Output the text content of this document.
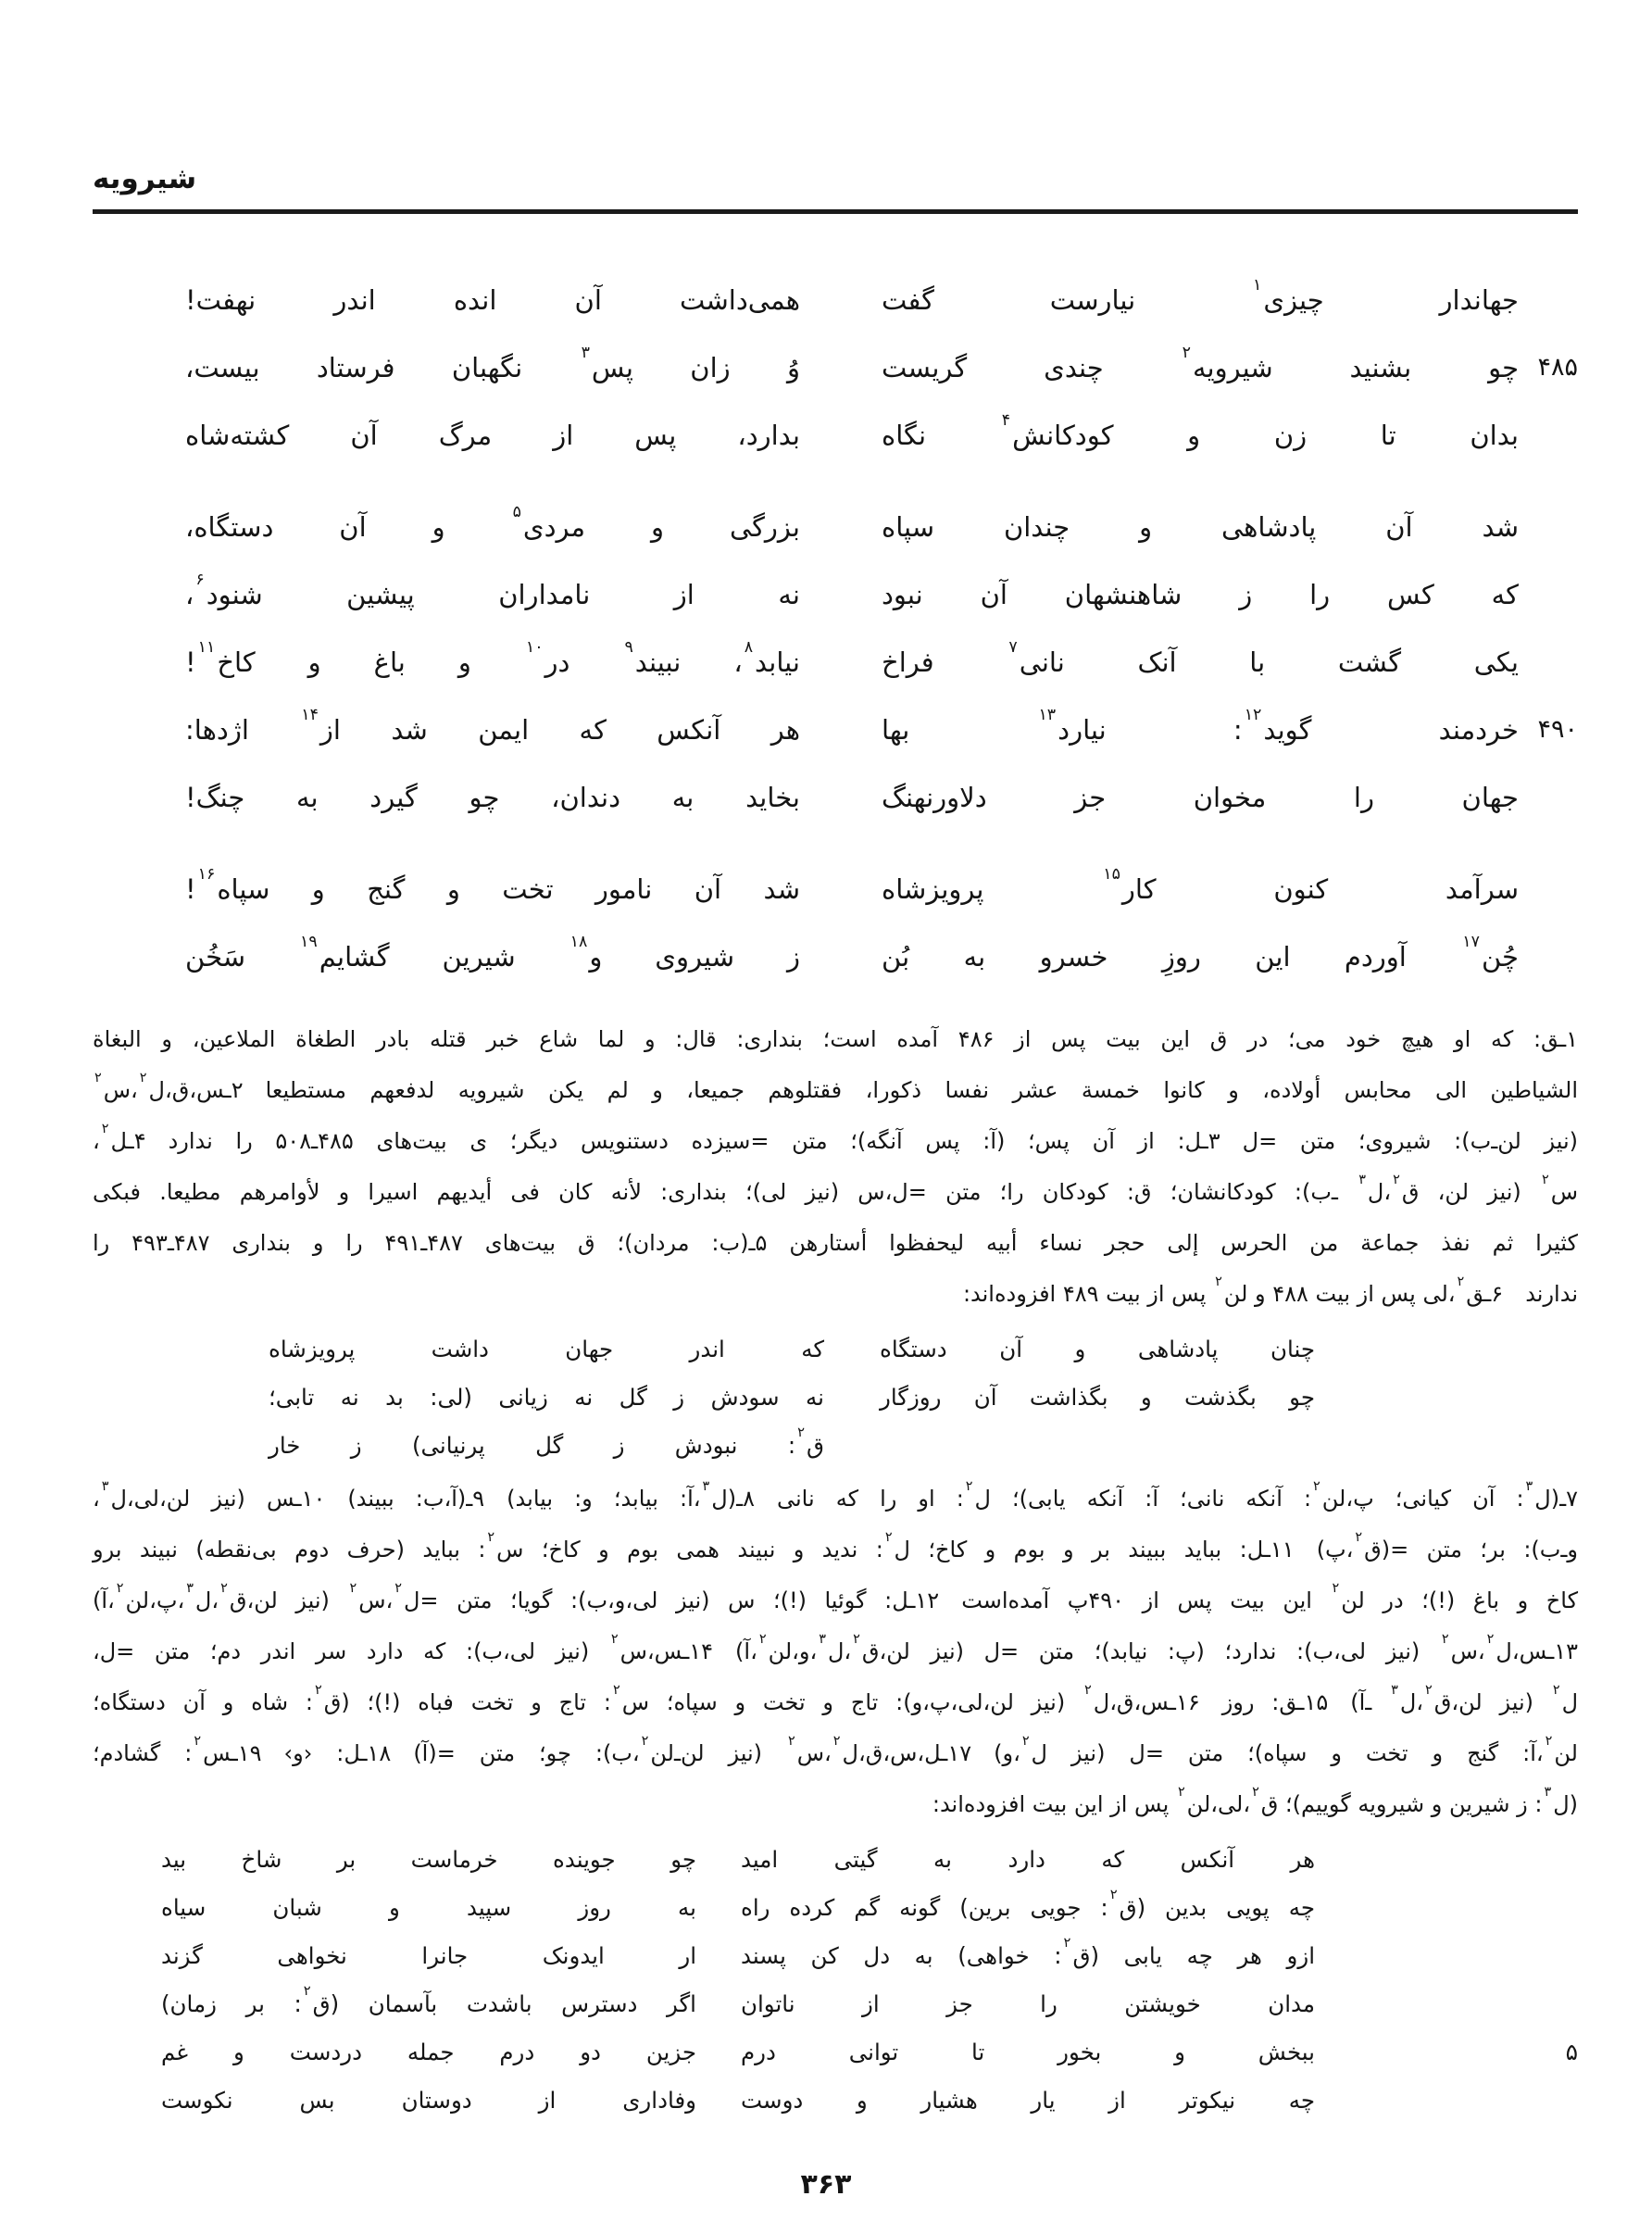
شیرویه
جهاندار چیزی$^۱$ نیارست گفت
همی‌داشت آن انده اندر نهفت!
۴۸۵
چو بشنید شیرویه$^۲$ چندی گریست
وُ زان پس$^۳$ نگهبان فرستاد بیست،
بدان تا زن و کودکانش$^۴$ نگاه
بدارد، پس از مرگ آن کشته‌شاه
شد آن پادشاهی و چندان سپاه
بزرگی و مردی$^۵$ و آن دستگاه،
که کس را ز شاهنشهان آن نبود
نه از نامداران پیشین شنود$^۶$،
یکی گشت با آنک نانی$^۷$ فراخ
نیابد$^۸$، نبیند$^۹$ در$^{۱۰}$ و باغ و کاخ$^{۱۱}$!
۴۹۰
خردمند گوید$^{۱۲}$: نیارد$^{۱۳}$ بها
هر آنکس که ایمن شد از$^{۱۴}$ اژدها:
جهان را مخوان جز دلاورنهنگ
بخاید به دندان، چو گیرد به چنگ!
سرآمد کنون کار$^{۱۵}$ پرویزشاه
شد آن نامور تخت و گنج و سپاه$^{۱۶}$!
چُن$^{۱۷}$ آوردم این روزِ خسرو به بُن
ز شیروی و$^{۱۸}$ شیرین گشایم$^{۱۹}$ سَخُن
۱ـق: که او هیچ خود می؛ در ق این بیت پس از ۴۸۶ آمده است؛ بنداری: قال: و لما شاع خبر قتله بادر الطغاة الملاعین، و البغاة
الشیاطین الی محابس أولاده، و کانوا خمسة عشر نفسا ذکورا، فقتلوهم جمیعا، و لم یکن شیرویه لدفعهم مستطیعا  ۲ـس،ق،ل$^۲$،س$^۲$
(نیز لن‌ـ‌ب): شیروی؛ متن =ل  ۳ـل: از آن پس؛ (آ: پس آنگه)؛ متن =سیزده دستنویس دیگر؛ ی بیت‌های ۴۸۵ـ۵۰۸ را ندارد  ۴ـل$^۲$،
س$^۲$ (نیز لن، ق$^۲$،ل$^۳$ ـ‌ب): کودکانشان؛ ق: کودکان را؛ متن =ل،س (نیز لی)؛ بنداری: لأنه کان فی أیدیهم اسیرا و لأوامرهم مطیعا. فبکی
کثیرا ثم نفذ جماعة من الحرس إلی حجر نساء أبیه لیحفظوا أستارهن  ۵ـ(ب: مردان)؛ ق بیت‌های ۴۸۷ـ۴۹۱ را و بنداری ۴۸۷ـ۴۹۳ را
ندارند  ۶ـق$^۲$،لی پس از بیت ۴۸۸ و لن$^۲$ پس از بیت ۴۸۹ افزوده‌اند:
چنان پادشاهی و آن دستگاه
که اندر جهان داشت پرویزشاه
چو بگذشت و بگذاشت آن روزگار
نه سودش ز گل نه زیانی (لی: بد نه تابی؛
ق$^۲$: نبودش ز گل پرنیانی) ز خار
۷ـ(ل$^۳$: آن کیانی؛ پ،لن$^۲$: آنکه نانی؛ آ: آنکه یابی)؛ ل$^۲$: او را که نانی  ۸ـ(ل$^۳$،آ: بیابد؛ و: بیابد)  ۹ـ(آ،ب: ببیند)  ۱۰ـس (نیز لن،لی،ل$^۳$،
و‌ـ‌ب): بر؛ متن =(ق$^۲$،پ)  ۱۱ـل: بباید ببیند بر و بوم و کاخ؛ ل$^۲$: ندید و نبیند همی بوم و کاخ؛ س$^۲$: بباید (حرف دوم بی‌نقطه) نبیند برو
کاخ و باغ (!)؛ در لن$^۲$ این بیت پس از ۴۹۰پ آمده‌است  ۱۲ـل: گوئیا (!)؛ س (نیز لی،و،ب): گویا؛ متن =ل$^۲$،س$^۲$ (نیز لن،ق$^۲$،ل$^۳$،پ،لن$^۲$،آ)
۱۳ـس،ل$^۲$،س$^۲$ (نیز لی،ب): ندارد؛ (پ: نیابد)؛ متن =ل (نیز لن،ق$^۲$،ل$^۳$،و،لن$^۲$،آ)  ۱۴ـس،س$^۲$ (نیز لی،ب): که دارد سر اندر دم؛ متن =ل،
ل$^۲$ (نیز لن،ق$^۲$،ل$^۳$ ـ‌آ)  ۱۵ـق: روز  ۱۶ـس،ق،ل$^۲$ (نیز لن،لی،پ،و): تاج و تخت و سپاه؛ س$^۲$: تاج و تخت فباه (!)؛ (ق$^۲$: شاه و آن دستگاه؛
لن$^۲$،آ: گنج و تخت و سپاه)؛ متن =ل (نیز ل$^۲$،و)  ۱۷ـل،س،ق،ل$^۲$،س$^۲$ (نیز لن‌ـ‌لن$^۲$،ب): چو؛ متن =(آ)  ۱۸ـل: ‹و›  ۱۹ـس$^۲$: گشادم؛
(ل$^۳$: ز شیرین و شیرویه گوییم)؛ ق$^۲$،لی،لن$^۲$ پس از این بیت افزوده‌اند:
هر آنکس که دارد به گیتی امید
چو جوینده خرماست بر شاخ بید
چه پویی بدین (ق$^۲$: جویی برین) گونه گم کرده راه
به روز سپید و شبان سیاه
ازو هر چه یابی (ق$^۲$: خواهی) به دل کن پسند
ار ایدونک جانرا نخواهی گزند
مدان خویشتن را جز از ناتوان
اگر دسترس باشدت بآسمان (ق$^۲$: بر زمان)
۵
ببخش و بخور تا توانی درم
جزین دو درم جمله دردست و غم
چه نیکوتر از یار هشیار و دوست
وفاداری از دوستان بس نکوست
۳۶۳
